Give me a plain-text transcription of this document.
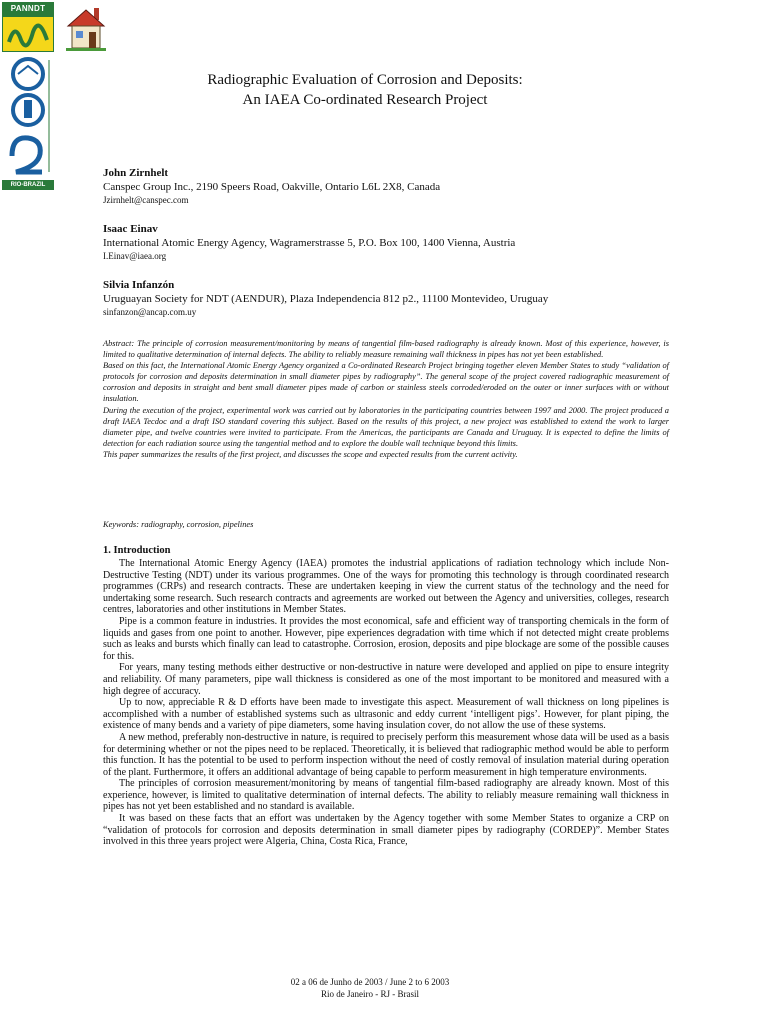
PANNDT
RIO-BRAZIL
Radiographic Evaluation of Corrosion and Deposits:
An IAEA Co-ordinated Research Project
John Zirnhelt
Canspec Group Inc., 2190 Speers Road, Oakville, Ontario L6L 2X8, Canada
Jzirnhelt@canspec.com
Isaac Einav
International Atomic Energy Agency, Wagramerstrasse 5, P.O. Box 100, 1400 Vienna, Austria
I.Einav@iaea.org
Silvia Infanzón
Uruguayan Society for NDT (AENDUR), Plaza Independencia 812 p2., 11100 Montevideo, Uruguay
sinfanzon@ancap.com.uy

Abstract: The principle of corrosion measurement/monitoring by means of tangential film-based radiography is already known. Most of this experience, however, is limited to qualitative determination of internal defects. The ability to reliably measure remaining wall thickness in pipes has not yet been established.

Based on this fact, the International Atomic Energy Agency organized a Co-ordinated Research Project bringing together eleven Member States to study “validation of protocols for corrosion and deposits determination in small diameter pipes by radiography”. The general scope of the project covered radiographic measurement of corrosion and deposits in straight and bent small diameter pipes made of carbon or stainless steels corroded/eroded on the outer or inner surfaces with or without insulation.

During the execution of the project, experimental work was carried out by laboratories in the participating countries between 1997 and 2000. The project produced a draft IAEA Tecdoc and a draft ISO standard covering this subject. Based on the results of this project, a new project was established to extend the work to larger diameter pipe, and twelve countries were invited to participate. From the Americas, the participants are Canada and Uruguay. It is expected to define the limits of detection for each radiation source using the tangential method and to explore the double wall technique beyond this limits.

This paper summarizes the results of the first project, and discusses the scope and expected results from the current activity.

Keywords: radiography, corrosion, pipelines
1. Introduction

The International Atomic Energy Agency (IAEA) promotes the industrial applications of radiation technology which include Non-Destructive Testing (NDT) under its various programmes. One of the ways for promoting this technology is through coordinated research programmes (CRPs) and research contracts. These are undertaken keeping in view the current status of the technology and the need for undertaking some research. Such research contracts and agreements are worked out between the Agency and universities, colleges, research centres, laboratories and other institutions in Member States.

Pipe is a common feature in industries. It provides the most economical, safe and efficient way of transporting chemicals in the form of liquids and gases from one point to another. However, pipe experiences degradation with time which if not detected might create problems such as leaks and bursts which finally can lead to catastrophe. Corrosion, erosion, deposits and pipe blockage are some of the possible causes for this.

For years, many testing methods either destructive or non-destructive in nature were developed and applied on pipe to ensure integrity and reliability. Of many parameters, pipe wall thickness is considered as one of the most important to be monitored and measured with a high degree of accuracy.

Up to now, appreciable R & D efforts have been made to investigate this aspect. Measurement of wall thickness on long pipelines is accomplished with a number of established systems such as ultrasonic and eddy current ‘intelligent pigs’. However, for plant piping, the existence of many bends and a variety of pipe diameters, some having insulation cover, do not allow the use of these systems.

A new method, preferably non-destructive in nature, is required to precisely perform this measurement whose data will be used as a basis for determining whether or not the pipes need to be replaced. Theoretically, it is believed that radiographic method would be able to perform this function. It has the potential to be used to perform inspection without the need of costly removal of insulation material during operation of the plant. Furthermore, it offers an additional advantage of being capable to perform measurement in high temperature environments.

The principles of corrosion measurement/monitoring by means of tangential film-based radiography are already known. Most of this experience, however, is limited to qualitative determination of internal defects. The ability to reliably measure remaining wall thickness in pipes has not yet been established and no standard is available.

It was based on these facts that an effort was undertaken by the Agency together with some Member States to organize a CRP on “validation of protocols for corrosion and deposits determination in small diameter pipes by radiography (CORDEP)”. Member States involved in this three years project were Algeria, China, Costa Rica, France,

02 a 06 de Junho de 2003 / June 2 to 6 2003
Rio de Janeiro - RJ - Brasil
